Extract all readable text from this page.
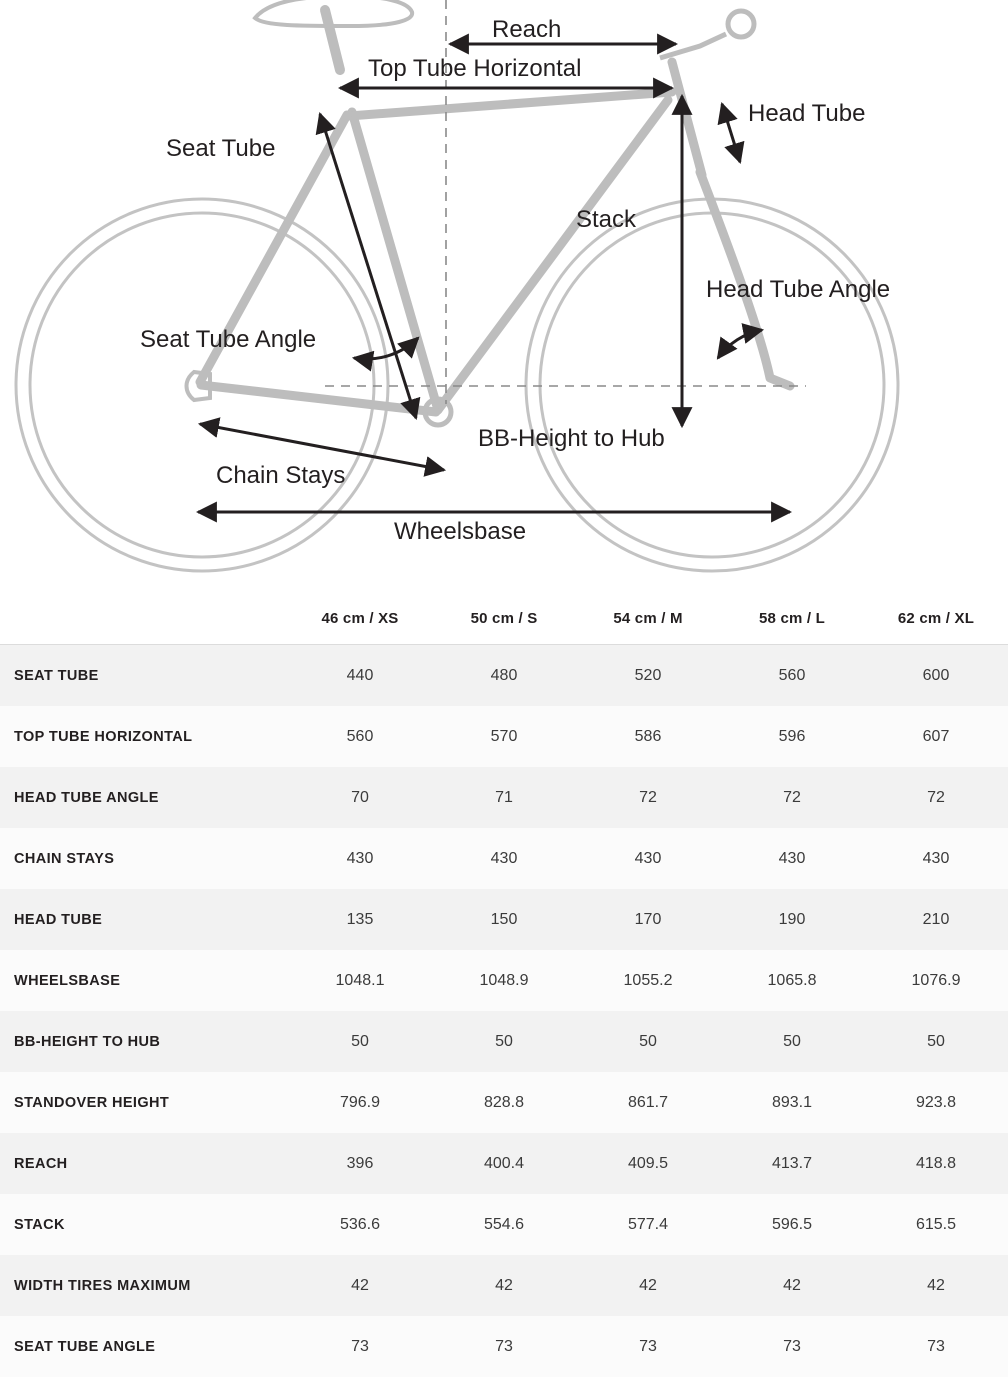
Reach
Top Tube Horizontal
Head Tube
Seat Tube
Stack
Head Tube Angle
Seat Tube Angle
BB-Height to Hub
Chain Stays
Wheelsbase
	46 cm / XS	50 cm / S	54 cm / M	58 cm / L	62 cm / XL
SEAT TUBE	440	480	520	560	600
TOP TUBE HORIZONTAL	560	570	586	596	607
HEAD TUBE ANGLE	70	71	72	72	72
CHAIN STAYS	430	430	430	430	430
HEAD TUBE	135	150	170	190	210
WHEELSBASE	1048.1	1048.9	1055.2	1065.8	1076.9
BB-HEIGHT TO HUB	50	50	50	50	50
STANDOVER HEIGHT	796.9	828.8	861.7	893.1	923.8
REACH	396	400.4	409.5	413.7	418.8
STACK	536.6	554.6	577.4	596.5	615.5
WIDTH TIRES MAXIMUM	42	42	42	42	42
SEAT TUBE ANGLE	73	73	73	73	73
